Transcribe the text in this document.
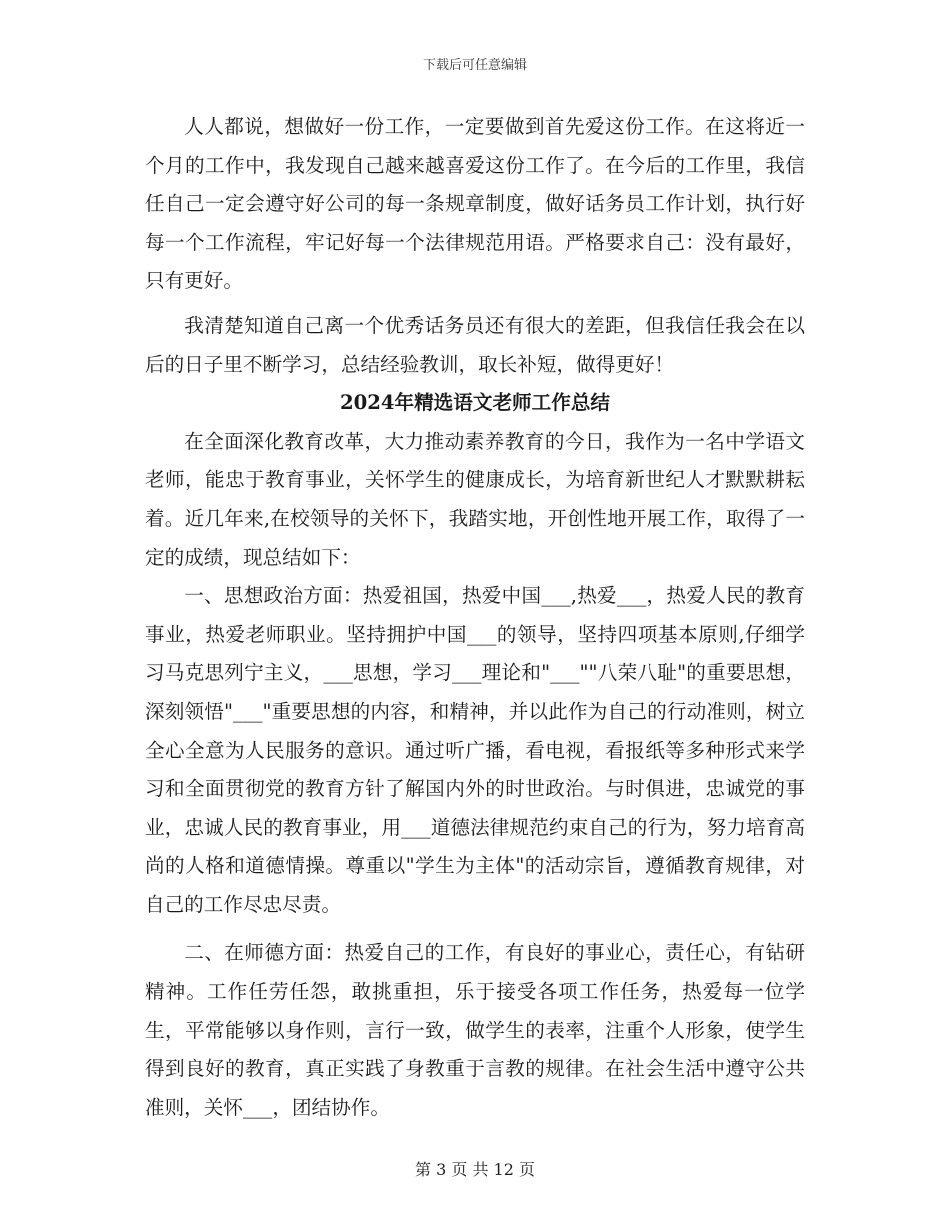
下载后可任意编辑

人人都说，想做好一份工作，一定要做到首先爱这份工作。在这将近一个月的工作中，我发现自己越来越喜爱这份工作了。在今后的工作里，我信任自己一定会遵守好公司的每一条规章制度，做好话务员工作计划，执行好每一个工作流程，牢记好每一个法律规范用语。严格要求自己：没有最好，只有更好。

我清楚知道自己离一个优秀话务员还有很大的差距，但我信任我会在以后的日子里不断学习，总结经验教训，取长补短，做得更好！

2024年精选语文老师工作总结

在全面深化教育改革，大力推动素养教育的今日，我作为一名中学语文老师，能忠于教育事业，关怀学生的健康成长，为培育新世纪人才默默耕耘着。近几年来,在校领导的关怀下，我踏实地，开创性地开展工作，取得了一定的成绩，现总结如下：

一、思想政治方面：热爱祖国，热爱中国___,热爱___，热爱人民的教育事业，热爱老师职业。坚持拥护中国___的领导，坚持四项基本原则,仔细学习马克思列宁主义，___思想，学习___理论和"___""八荣八耻"的重要思想，深刻领悟"___"重要思想的内容，和精神，并以此作为自己的行动准则，树立全心全意为人民服务的意识。通过听广播，看电视，看报纸等多种形式来学习和全面贯彻党的教育方针了解国内外的时世政治。与时俱进，忠诚党的事业，忠诚人民的教育事业，用___道德法律规范约束自己的行为，努力培育高尚的人格和道德情操。尊重以"学生为主体"的活动宗旨，遵循教育规律，对自己的工作尽忠尽责。

二、在师德方面：热爱自己的工作，有良好的事业心，责任心，有钻研精神。工作任劳任怨，敢挑重担，乐于接受各项工作任务，热爱每一位学生，平常能够以身作则，言行一致，做学生的表率，注重个人形象，使学生得到良好的教育，真正实践了身教重于言教的规律。在社会生活中遵守公共准则，关怀___，团结协作。

第 3 页 共 12 页
